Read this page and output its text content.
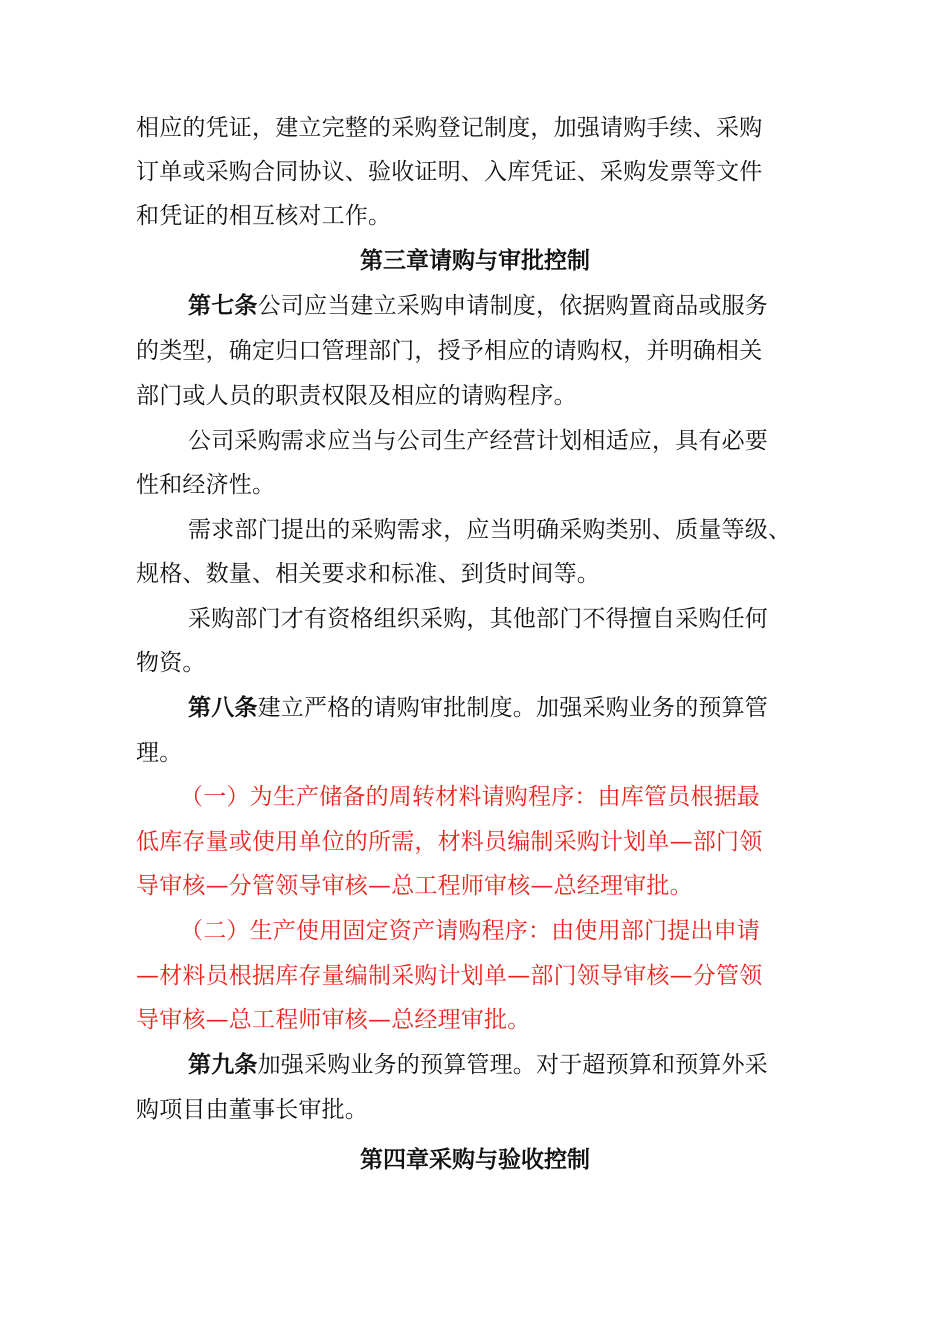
相应的凭证，建立完整的采购登记制度，加强请购手续、采购
订单或采购合同协议、验收证明、入库凭证、采购发票等文件
和凭证的相互核对工作。
第三章请购与审批控制
第七条公司应当建立采购申请制度，依据购置商品或服务
的类型，确定归口管理部门，授予相应的请购权，并明确相关
部门或人员的职责权限及相应的请购程序。
公司采购需求应当与公司生产经营计划相适应，具有必要
性和经济性。
需求部门提出的采购需求，应当明确采购类别、质量等级、
规格、数量、相关要求和标准、到货时间等。
采购部门才有资格组织采购，其他部门不得擅自采购任何
物资。
第八条建立严格的请购审批制度。加强采购业务的预算管
理。
（一）为生产储备的周转材料请购程序：由库管员根据最
低库存量或使用单位的所需，材料员编制采购计划单—部门领
导审核—分管领导审核—总工程师审核—总经理审批。
（二）生产使用固定资产请购程序：由使用部门提出申请
—材料员根据库存量编制采购计划单—部门领导审核—分管领
导审核—总工程师审核—总经理审批。
第九条加强采购业务的预算管理。对于超预算和预算外采
购项目由董事长审批。
第四章采购与验收控制
